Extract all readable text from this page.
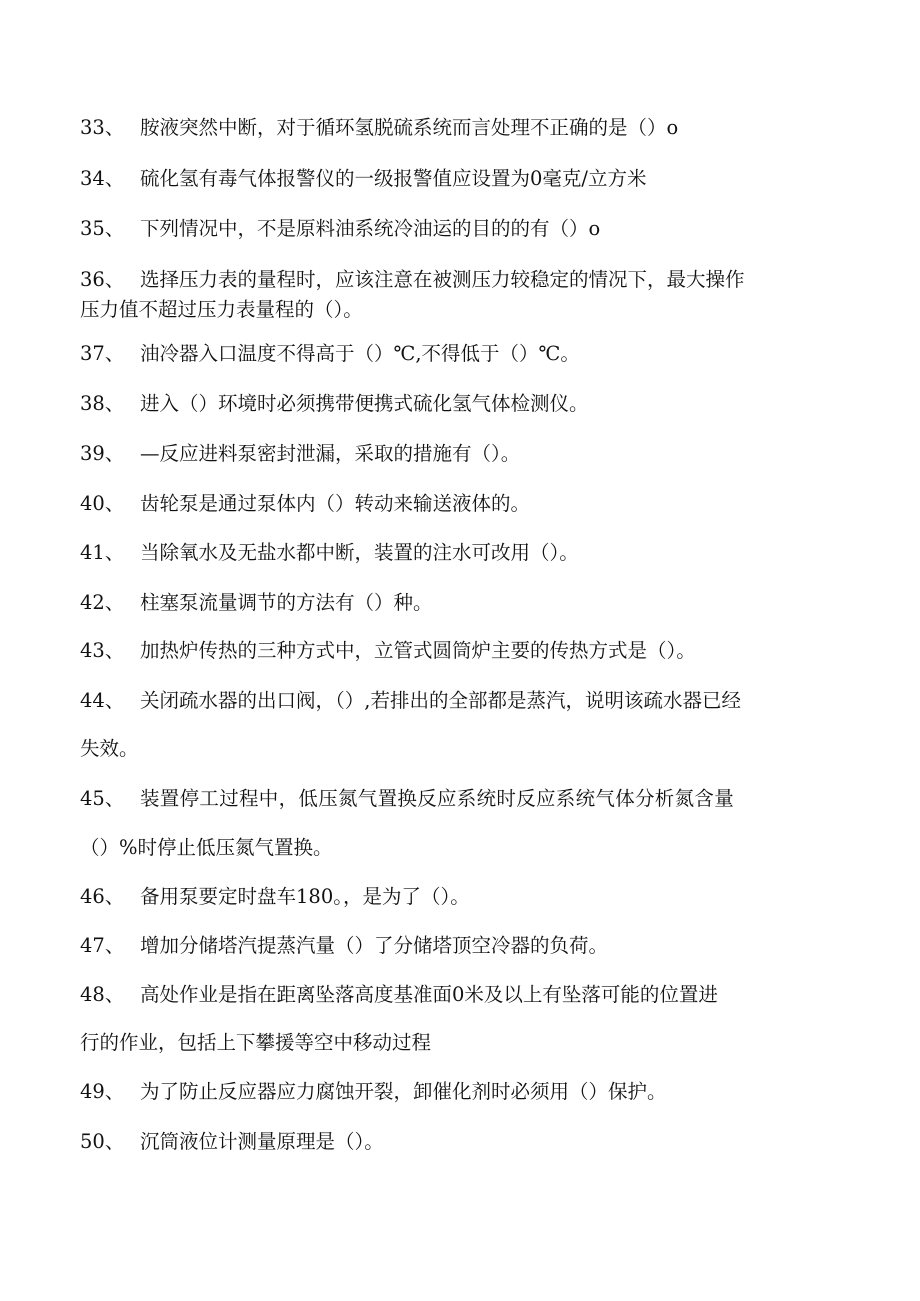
33、 胺液突然中断，对于循环氢脱硫系统而言处理不正确的是（）o
34、 硫化氢有毒气体报警仪的一级报警值应设置为0毫克/立方米
35、 下列情况中，不是原料油系统冷油运的目的的有（）o
36、 选择压力表的量程时，应该注意在被测压力较稳定的情况下，最大操作
压力值不超过压力表量程的（）。
37、 油冷器入口温度不得高于（）℃,不得低于（）℃。
38、 进入（）环境时必须携带便携式硫化氢气体检测仪。
39、 —反应进料泵密封泄漏，采取的措施有（）。
40、 齿轮泵是通过泵体内（）转动来输送液体的。
41、 当除氧水及无盐水都中断，装置的注水可改用（）。
42、 柱塞泵流量调节的方法有（）种。
43、 加热炉传热的三种方式中，立管式圆筒炉主要的传热方式是（）。
44、 关闭疏水器的出口阀，（）,若排出的全部都是蒸汽，说明该疏水器已经
失效。
45、 装置停工过程中，低压氮气置换反应系统时反应系统气体分析氮含量
（）%时停止低压氮气置换。
46、 备用泵要定时盘车180。，是为了（）。
47、 增加分储塔汽提蒸汽量（）了分储塔顶空冷器的负荷。
48、 高处作业是指在距离坠落高度基准面0米及以上有坠落可能的位置进
行的作业，包括上下攀援等空中移动过程
49、 为了防止反应器应力腐蚀开裂，卸催化剂时必须用（）保护。
50、 沉筒液位计测量原理是（）。
